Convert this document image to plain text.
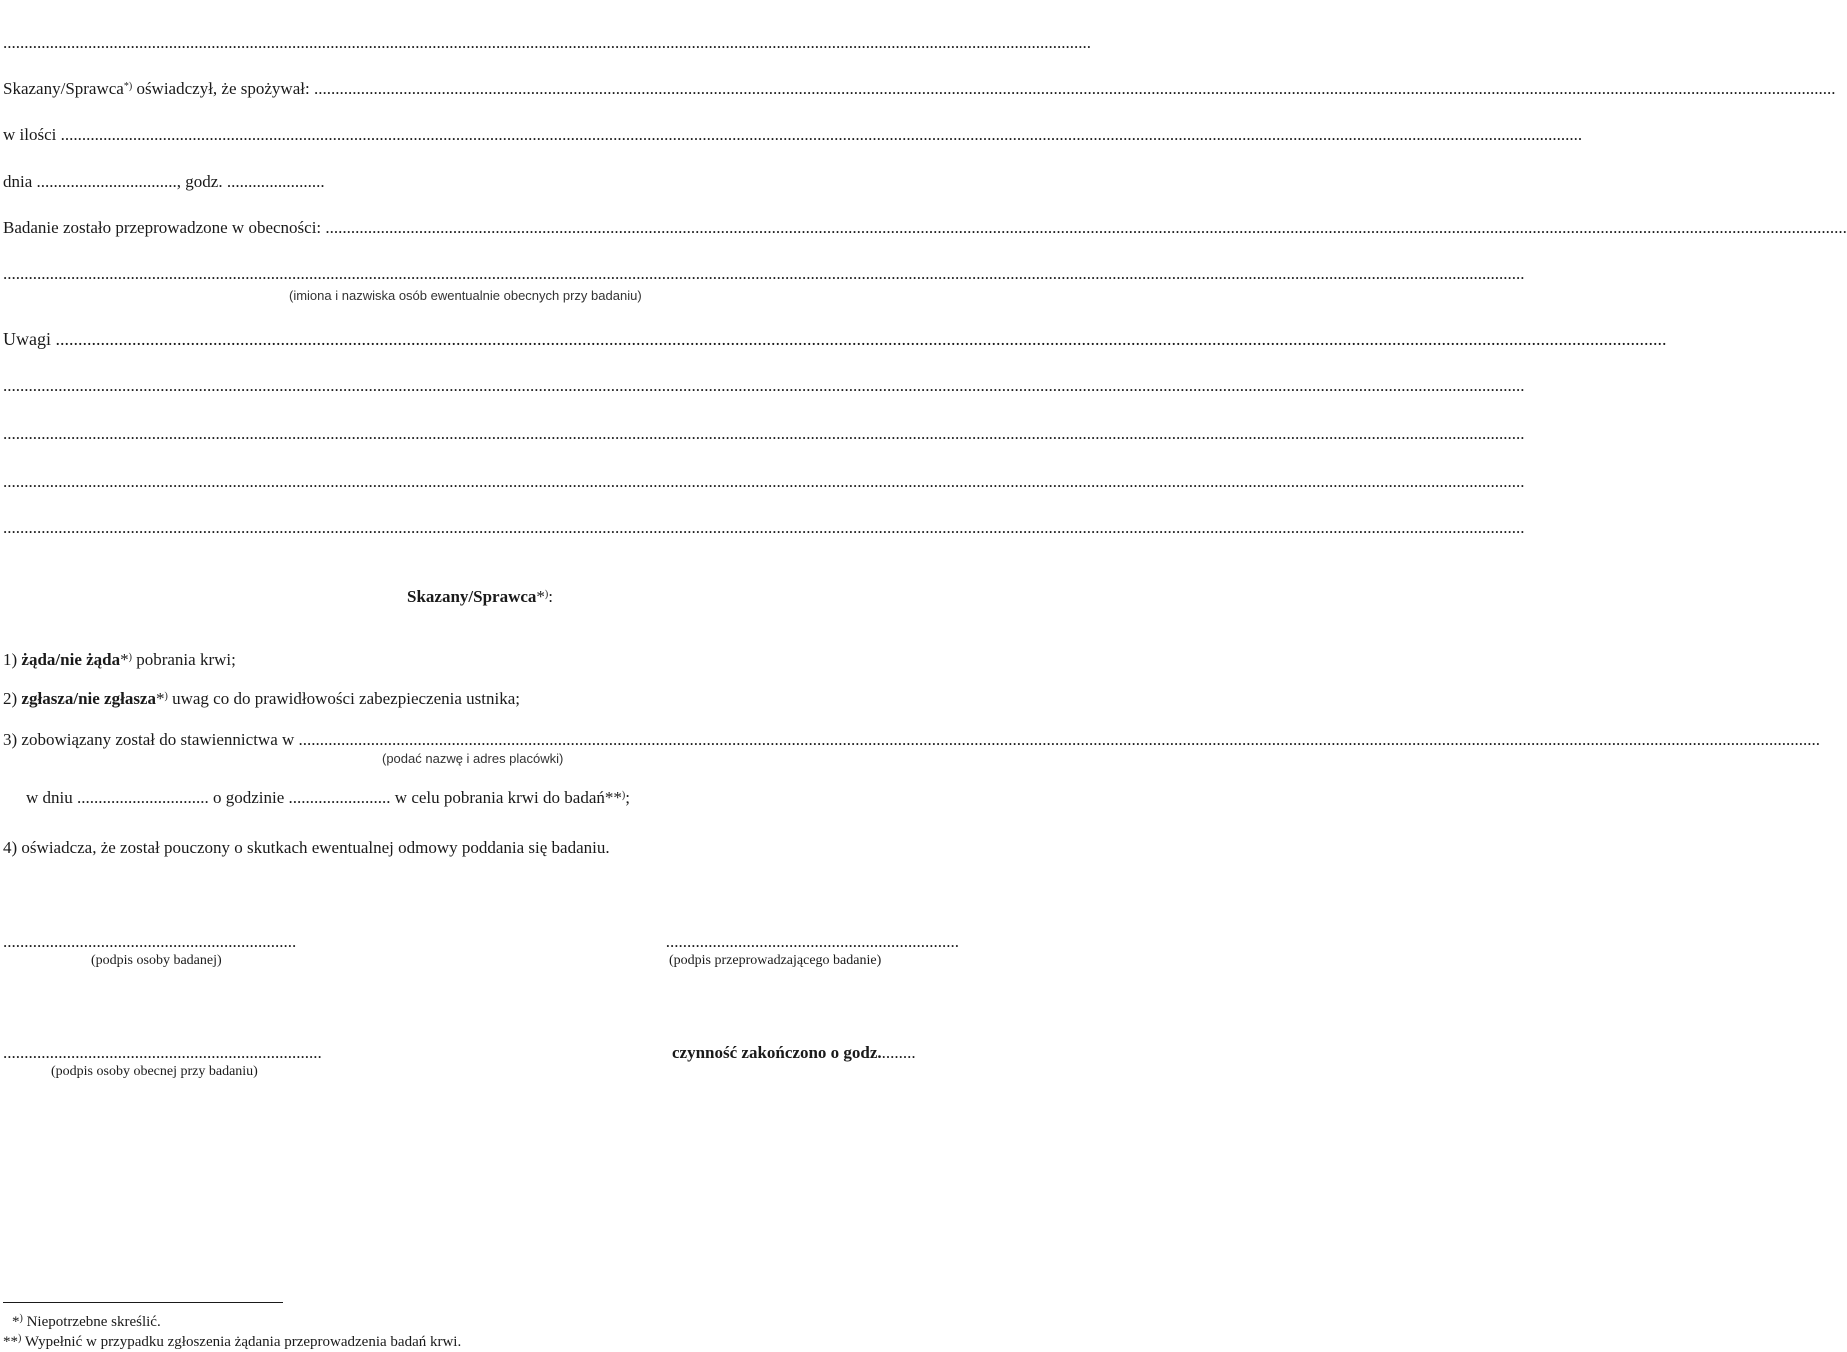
................................................................................................................................................................................................................................................................
Skazany/Sprawca*) oświadczył, że spożywał:
.....
w ilości
.....
dnia ................................., godz. .......................
Badanie zostało przeprowadzone w obecności:
.....
.....
(imiona i nazwiska osób ewentualnie obecnych przy badaniu)
Uwagi
.....
.....
.....
.....
.....
Skazany/Sprawca*):
1) żąda/nie żąda*) pobrania krwi;
2) zgłasza/nie zgłasza*) uwag co do prawidłowości zabezpieczenia ustnika;
3) zobowiązany został do stawiennictwa w
.....
(podać nazwę i adres placówki)
w dniu ............................... o godzinie ........................ w celu pobrania krwi do badań**);
4) oświadcza, że został pouczony o skutkach ewentualnej odmowy poddania się badaniu.
.....................................................................
(podpis osoby badanej)
.....................................................................
(podpis przeprowadzającego badanie)
...........................................................................
(podpis osoby obecnej przy badaniu)
czynność zakończono o godz.........
*) Niepotrzebne skreślić.
**) Wypełnić w przypadku zgłoszenia żądania przeprowadzenia badań krwi.
